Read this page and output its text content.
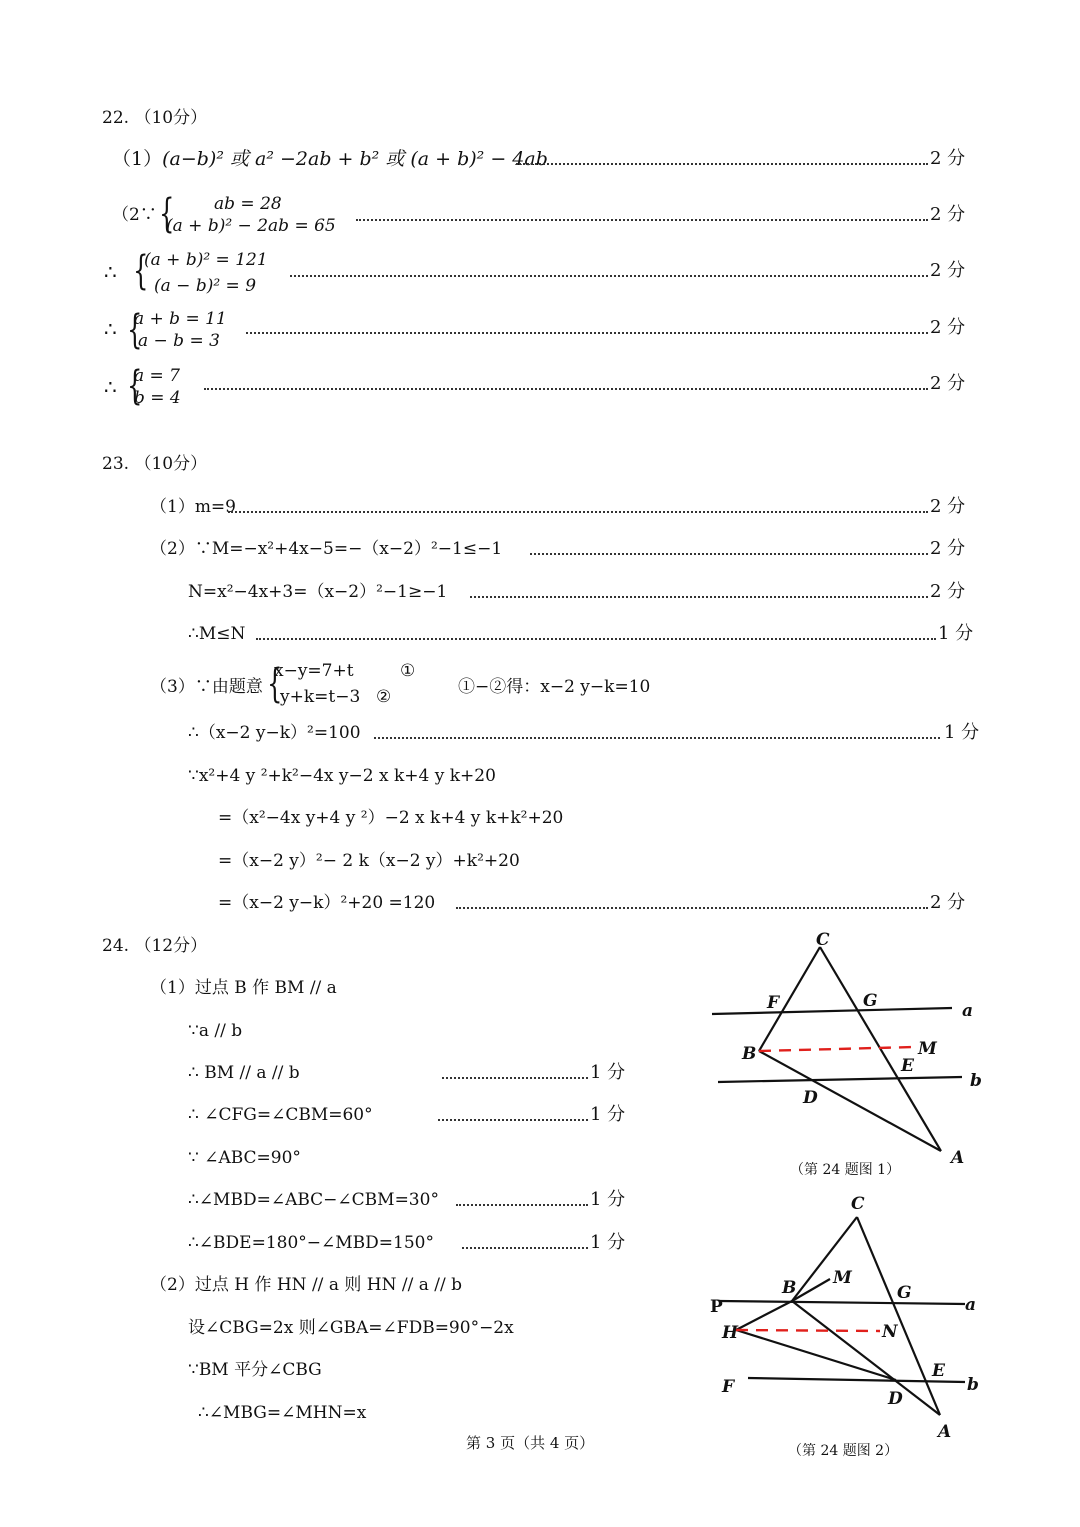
22. （10分）
（1）(a−b)² 或 a² −2ab + b² 或 (a + b)² − 4ab	2 分
（2∵ { ab = 28
(a + b)² − 2ab = 65
2 分
∴ {
(a + b)² = 121
(a − b)² = 9
2 分
∴ {
a + b = 11
a − b = 3
2 分
∴ {
a = 7
b = 4
2 分
23. （10分）
（1）m=9	2 分
（2）∵M=−x²+4x−5=−（x−2）²−1≤−1	2 分
N=x²−4x+3=（x−2）²−1≥−1	2 分
∴M≤N	1 分
（3）∵由题意 {
x−y=7+t	①
y+k=t−3 ②	①−②得：x−2 y−k=10
∴（x−2 y−k）²=100	1 分
∵x²+4 y ²+k²−4x y−2 x k+4 y k+20
=（x²−4x y+4 y ²）−2 x k+4 y k+k²+20
=（x−2 y）²− 2 k（x−2 y）+k²+20
=（x−2 y−k）²+20 =120	2 分
24. （12分）
（1）过点 B 作 BM // a
∵a // b
∴ BM // a // b	1 分
∴ ∠CFG=∠CBM=60°	1 分
∵ ∠ABC=90°
∴∠MBD=∠ABC−∠CBM=30°	1 分
∴∠BDE=180°−∠MBD=150°	1 分
（2）过点 H 作 HN // a 则 HN // a // b
设∠CBG=2x 则∠GBA=∠FDB=90°−2x
∵BM 平分∠CBG
∴∠MBG=∠MHN=x
C
F	G	a
B	M
E
b
D
A
（第 24 题图 1）
C
B M
G
P	a
H	N
E
F	b
D
A
（第 24 题图 2）
第 3 页（共 4 页）
